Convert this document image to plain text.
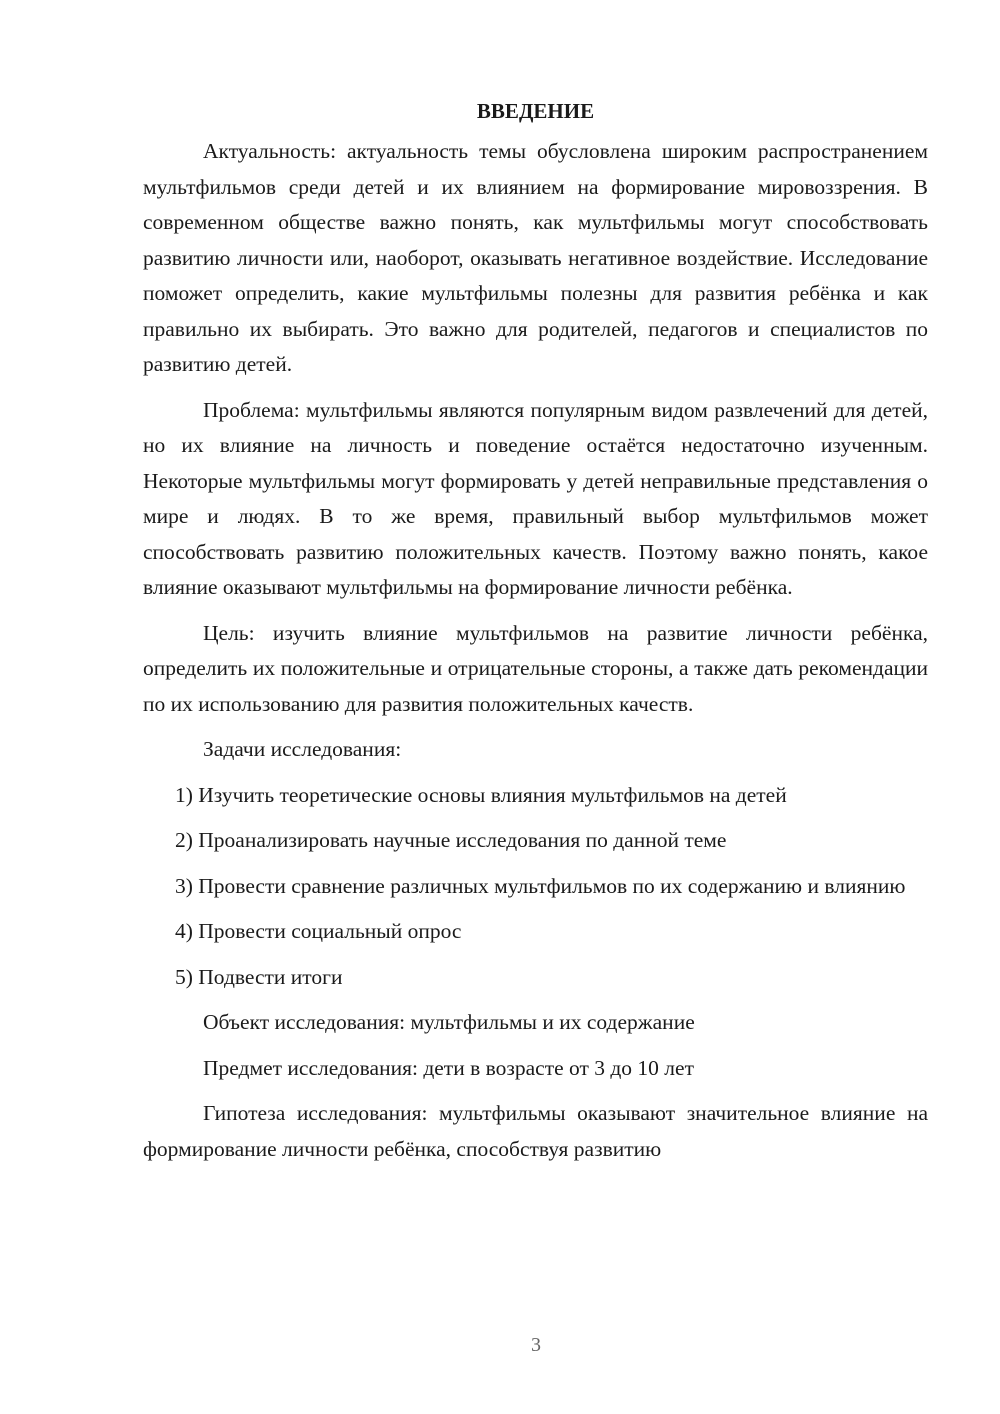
ВВЕДЕНИЕ

Актуальность: актуальность темы обусловлена широким распространением мультфильмов среди детей и их влиянием на формирование мировоззрения. В современном обществе важно понять, как мультфильмы могут способствовать развитию личности или, наоборот, оказывать негативное воздействие. Исследование поможет определить, какие мультфильмы полезны для развития ребёнка и как правильно их выбирать. Это важно для родителей, педагогов и специалистов по развитию детей.

Проблема: мультфильмы являются популярным видом развлечений для детей, но их влияние на личность и поведение остаётся недостаточно изученным. Некоторые мультфильмы могут формировать у детей неправильные представления о мире и людях. В то же время, правильный выбор мультфильмов может способствовать развитию положительных качеств. Поэтому важно понять, какое влияние оказывают мультфильмы на формирование личности ребёнка.

Цель: изучить влияние мультфильмов на развитие личности ребёнка, определить их положительные и отрицательные стороны, а также дать рекомендации по их использованию для развития положительных качеств.

Задачи исследования:

1) Изучить теоретические основы влияния мультфильмов на детей

2) Проанализировать научные исследования по данной теме

3) Провести сравнение различных мультфильмов по их содержанию и влиянию

4) Провести социальный опрос

5) Подвести итоги

Объект исследования: мультфильмы и их содержание

Предмет исследования: дети в возрасте от 3 до 10 лет

Гипотеза исследования: мультфильмы оказывают значительное влияние на формирование личности ребёнка, способствуя развитию

3
